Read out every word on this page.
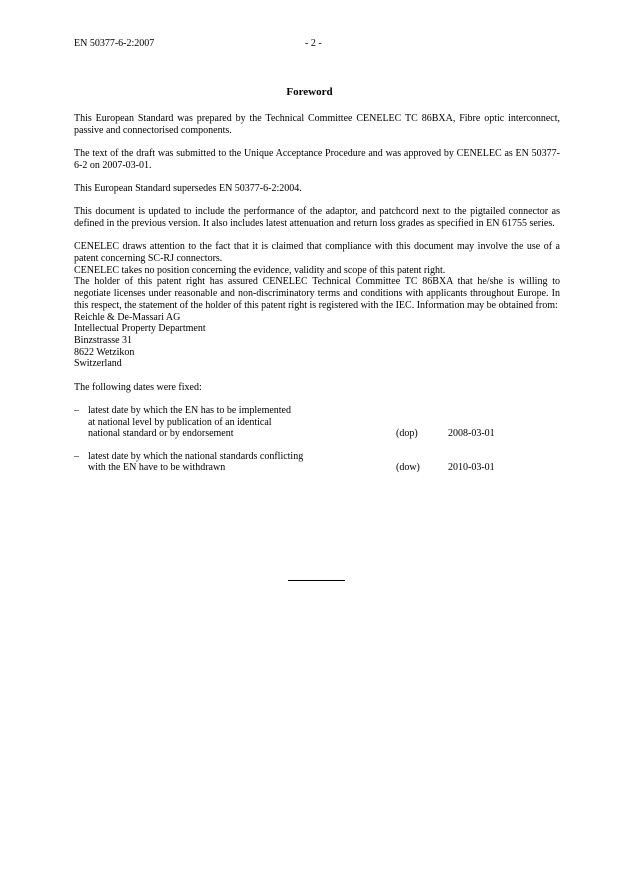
EN 50377-6-2:2007	- 2 -
Foreword

This European Standard was prepared by the Technical Committee CENELEC TC 86BXA, Fibre optic interconnect, passive and connectorised components.

The text of the draft was submitted to the Unique Acceptance Procedure and was approved by CENELEC as EN 50377-6-2 on 2007-03-01.

This European Standard supersedes EN 50377-6-2:2004.

This document is updated to include the performance of the adaptor, and patchcord next to the pigtailed connector as defined in the previous version. It also includes latest attenuation and return loss grades as specified in EN 61755 series.

CENELEC draws attention to the fact that it is claimed that compliance with this document may involve the use of a patent concerning SC-RJ connectors.

CENELEC takes no position concerning the evidence, validity and scope of this patent right.

The holder of this patent right has assured CENELEC Technical Committee TC 86BXA that he/she is willing to negotiate licenses under reasonable and non-discriminatory terms and conditions with applicants throughout Europe. In this respect, the statement of the holder of this patent right is registered with the IEC. Information may be obtained from:

Reichle & De-Massari AG
Intellectual Property Department
Binzstrasse 31
8622 Wetzikon
Switzerland

The following dates were fixed:

– latest date by which the EN has to be implemented
at national level by publication of an identical
national standard or by endorsement	(dop)	2008-03-01
– latest date by which the national standards conflicting
with the EN have to be withdrawn	(dow)	2010-03-01
